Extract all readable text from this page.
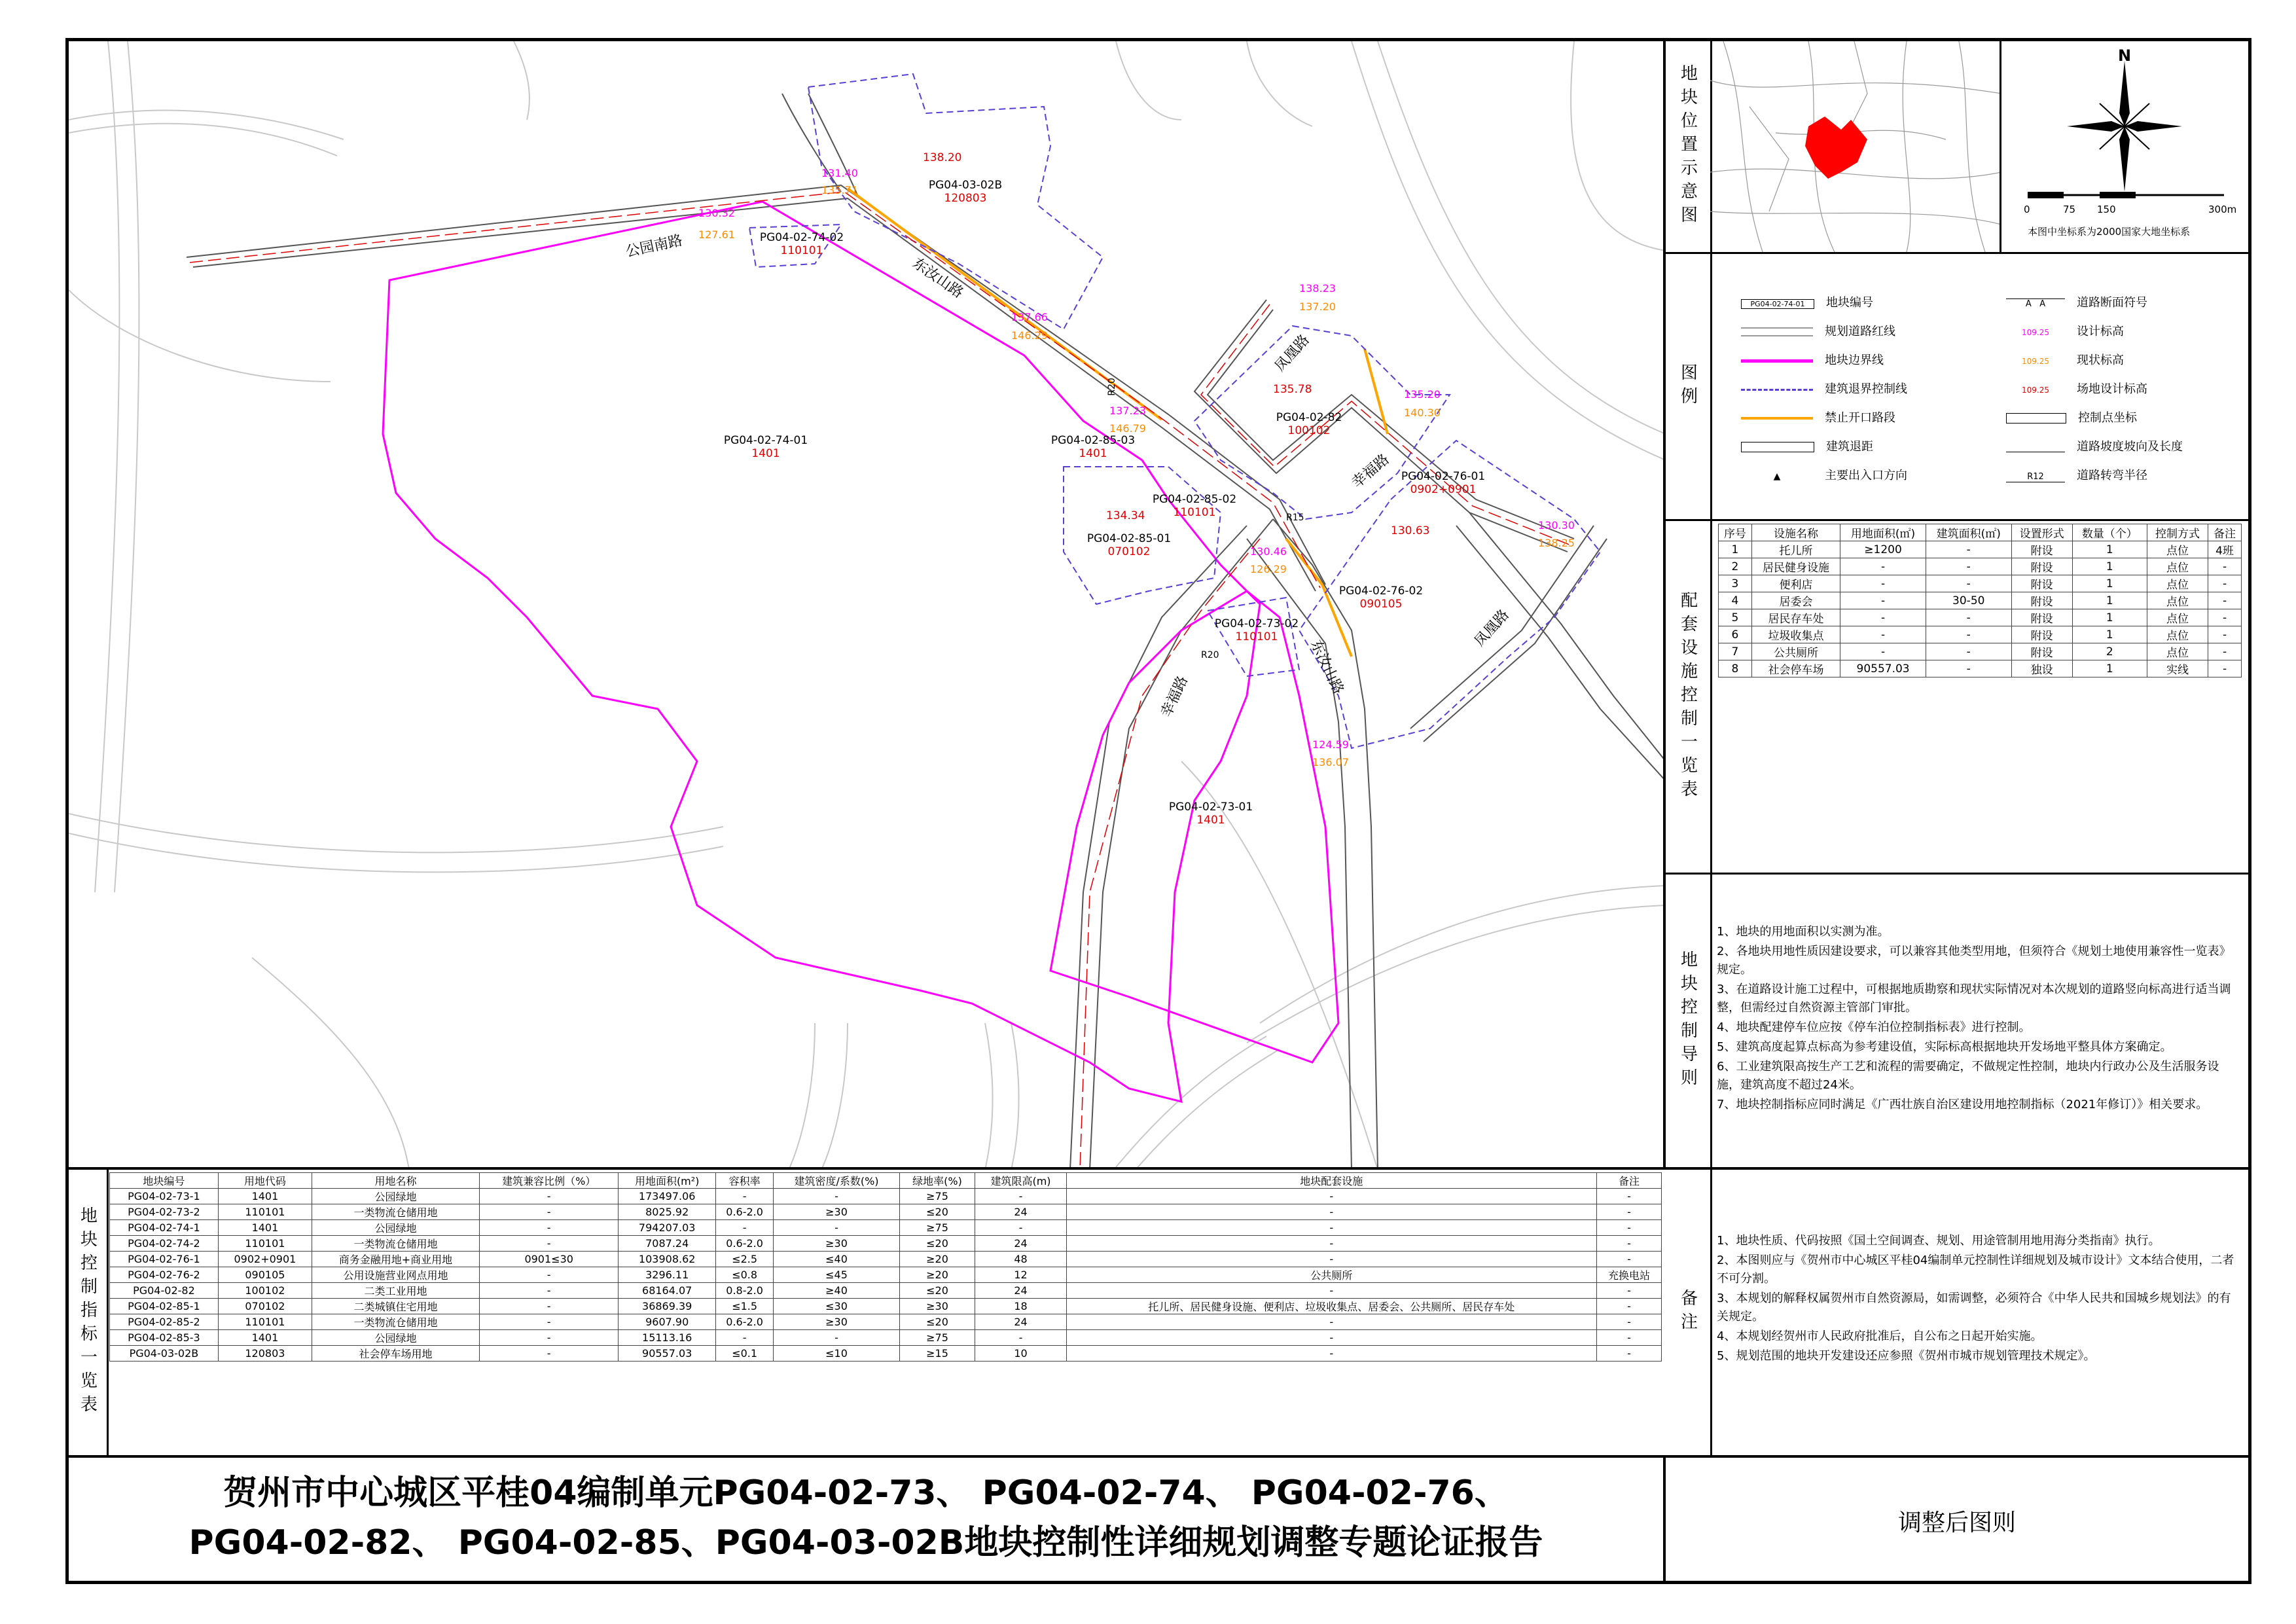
公园南路
东汝山路
凤凰路
幸福路
东汝山路
幸福路
凤凰路
PG04-02-74-01
1401
PG04-03-02B
120803
PG04-02-74-02
110101
PG04-02-82
100102
PG04-02-85-03
1401
PG04-02-85-02
110101
PG04-02-85-01
070102
PG04-02-76-01
0902+0901
PG04-02-76-02
090105
PG04-02-73-02
110101
PG04-02-73-01
1401
130.32
131.40
138.23
135.20
137.23
137.66
130.46
124.59
130.30
127.61
135.71
146.29
137.20
146.79
140.30
126.29
136.07
138.25
138.20
135.78
134.34
130.63
R20
R15
R20
地块位置示意图
N
0	75 150	300m
本图中坐标系为2000国家大地坐标系
图例
PG04-02-74-01 地块编号
规划道路红线
地块边界线
建筑退界控制线
禁止开口路段
建筑退距
▲	主要出入口方向
A   A	道路断面符号
109.25 设计标高
109.25 现状标高
109.25 场地设计标高
控制点坐标
道路坡度坡向及长度
R12	道路转弯半径
配套设施控制一览表
序号	设施名称	用地面积(㎡)	建筑面积(㎡)	设置形式	数量（个）	控制方式	备注
1	托儿所	≥1200	-	附设	1	点位	4班
2	居民健身设施	-	-	附设	1	点位	-
3	便利店	-	-	附设	1	点位	-
4	居委会	-	30-50	附设	1	点位	-
5	居民存车处	-	-	附设	1	点位	-
6	垃圾收集点	-	-	附设	1	点位	-
7	公共厕所	-	-	附设	2	点位	-
8	社会停车场	90557.03	-	独设	1	实线	-
地块控制导则
1、地块的用地面积以实测为准。
2、各地块用地性质因建设要求，可以兼容其他类型用地，但须符合《规划土地使用兼容性一览表》规定。
3、在道路设计施工过程中，可根据地质勘察和现状实际情况对本次规划的道路竖向标高进行适当调整，但需经过自然资源主管部门审批。
4、地块配建停车位应按《停车泊位控制指标表》进行控制。
5、建筑高度起算点标高为参考建设值，实际标高根据地块开发场地平整具体方案确定。
6、工业建筑限高按生产工艺和流程的需要确定，不做规定性控制，地块内行政办公及生活服务设施，建筑高度不超过24米。
7、地块控制指标应同时满足《广西壮族自治区建设用地控制指标（2021年修订）》相关要求。
地块控制指标一览表
地块编号	用地代码	用地名称	建筑兼容比例（%）	用地面积(m²)	容积率	建筑密度/系数(%)	绿地率(%)	建筑限高(m)	地块配套设施	备注
PG04-02-73-1	1401	公园绿地	-	173497.06	-	-	≥75	-	-	-
PG04-02-73-2	110101	一类物流仓储用地	-	8025.92	0.6-2.0	≥30	≤20	24	-	-
PG04-02-74-1	1401	公园绿地	-	794207.03	-	-	≥75	-	-	-
PG04-02-74-2	110101	一类物流仓储用地	-	7087.24	0.6-2.0	≥30	≤20	24	-	-
PG04-02-76-1	0902+0901	商务金融用地+商业用地	0901≤30	103908.62	≤2.5	≤40	≥20	48	-	-
PG04-02-76-2	090105	公用设施营业网点用地	-	3296.11	≤0.8	≤45	≥20	12	公共厕所	充换电站
PG04-02-82	100102	二类工业用地	-	68164.07	0.8-2.0	≥40	≤20	24	-	-
PG04-02-85-1	070102	二类城镇住宅用地	-	36869.39	≤1.5	≤30	≥30	18	托儿所、居民健身设施、便利店、垃圾收集点、居委会、公共厕所、居民存车处	-
PG04-02-85-2	110101	一类物流仓储用地	-	9607.90	0.6-2.0	≥30	≤20	24	-	-
PG04-02-85-3	1401	公园绿地	-	15113.16	-	-	≥75	-	-	-
PG04-03-02B	120803	社会停车场用地	-	90557.03	≤0.1	≤10	≥15	10	-	-
备注
1、地块性质、代码按照《国土空间调查、规划、用途管制用地用海分类指南》执行。
2、本图则应与《贺州市中心城区平桂04编制单元控制性详细规划及城市设计》文本结合使用，二者不可分割。
3、本规划的解释权属贺州市自然资源局，如需调整，必须符合《中华人民共和国城乡规划法》的有关规定。
4、本规划经贺州市人民政府批准后，自公布之日起开始实施。
5、规划范围的地块开发建设还应参照《贺州市城市规划管理技术规定》。
贺州市中心城区平桂04编制单元PG04-02-73、 PG04-02-74、 PG04-02-76、
PG04-02-82、 PG04-02-85、PG04-03-02B地块控制性详细规划调整专题论证报告
调整后图则
